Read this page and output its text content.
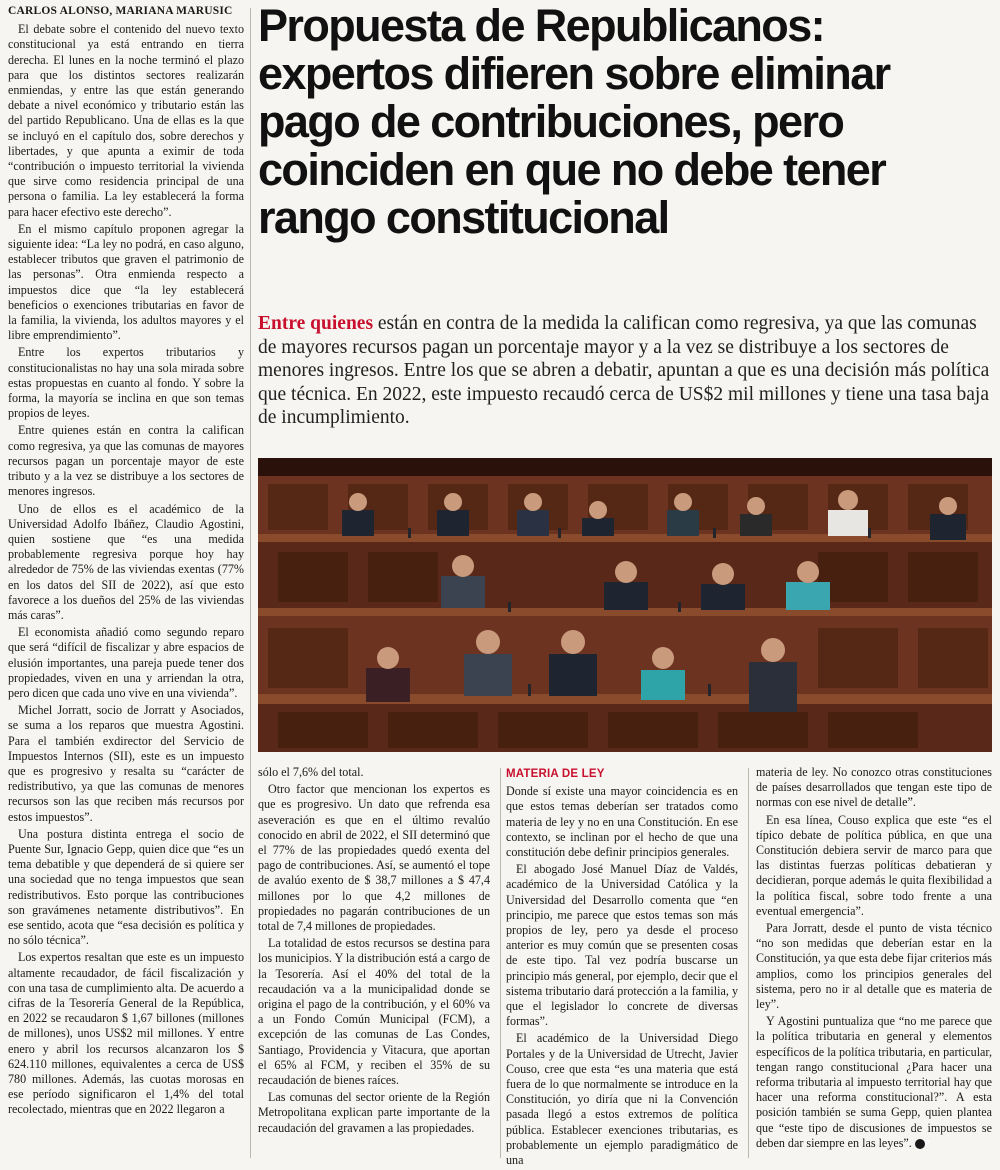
CARLOS ALONSO, MARIANA MARUSIC

El debate sobre el contenido del nuevo texto constitucional ya está entrando en tierra derecha. El lunes en la noche terminó el plazo para que los distintos sectores realizarán enmiendas, y entre las que están generando debate a nivel económico y tributario están las del partido Republicano. Una de ellas es la que se incluyó en el capítulo dos, sobre derechos y libertades, y que apunta a eximir de toda “contribución o impuesto territorial la vivienda que sirve como residencia principal de una persona o familia. La ley establecerá la forma para hacer efectivo este derecho”.

En el mismo capítulo proponen agregar la siguiente idea: “La ley no podrá, en caso alguno, establecer tributos que graven el patrimonio de las personas”. Otra enmienda respecto a impuestos dice que “la ley establecerá beneficios o exenciones tributarias en favor de la familia, la vivienda, los adultos mayores y el libre emprendimiento”.

Entre los expertos tributarios y constitucionalistas no hay una sola mirada sobre estas propuestas en cuanto al fondo. Y sobre la forma, la mayoría se inclina en que son temas propios de leyes.

Entre quienes están en contra la califican como regresiva, ya que las comunas de mayores recursos pagan un porcentaje mayor de este tributo y a la vez se distribuye a los sectores de menores ingresos.

Uno de ellos es el académico de la Universidad Adolfo Ibáñez, Claudio Agostini, quien sostiene que “es una medida probablemente regresiva porque hoy hay alrededor de 75% de las viviendas exentas (77% en los datos del SII de 2022), así que esto favorece a los dueños del 25% de las viviendas más caras”.

El economista añadió como segundo reparo que será “difícil de fiscalizar y abre espacios de elusión importantes, una pareja puede tener dos propiedades, viven en una y arriendan la otra, pero dicen que cada uno vive en una vivienda”.

Michel Jorratt, socio de Jorratt y Asociados, se suma a los reparos que muestra Agostini. Para el también exdirector del Servicio de Impuestos Internos (SII), este es un impuesto que es progresivo y resalta su “carácter de redistributivo, ya que las comunas de menores recursos son las que reciben más recursos por estos impuestos”.

Una postura distinta entrega el socio de Puente Sur, Ignacio Gepp, quien dice que “es un tema debatible y que dependerá de si quiere ser una sociedad que no tenga impuestos que sean redistributivos. Esto porque las contribuciones son gravámenes netamente distributivos”. En ese sentido, acota que “esa decisión es política y no sólo técnica”.

Los expertos resaltan que este es un impuesto altamente recaudador, de fácil fiscalización y con una tasa de cumplimiento alta. De acuerdo a cifras de la Tesorería General de la República, en 2022 se recaudaron $ 1,67 billones (millones de millones), unos US$2 mil millones. Y entre enero y abril los recursos alcanzaron los $ 624.110 millones, equivalentes a cerca de US$ 780 millones. Además, las cuotas morosas en ese período significaron el 1,4% del total recolectado, mientras que en 2022 llegaron a

Propuesta de Republicanos: expertos difieren sobre eliminar pago de contribuciones, pero coinciden en que no debe tener rango constitucional

Entre quienes están en contra de la medida la califican como regresiva, ya que las comunas de mayores recursos pagan un porcentaje mayor y a la vez se distribuye a los sectores de menores ingresos. Entre los que se abren a debatir, apuntan a que es una decisión más política que técnica. En 2022, este impuesto recaudó cerca de US$2 mil millones y tiene una tasa baja de incumplimiento.

sólo el 7,6% del total.

Otro factor que mencionan los expertos es que es progresivo. Un dato que refrenda esa aseveración es que en el último revalúo conocido en abril de 2022, el SII determinó que el 77% de las propiedades quedó exenta del pago de contribuciones. Así, se aumentó el tope de avalúo exento de $ 38,7 millones a $ 47,4 millones por lo que 4,2 millones de propiedades no pagarán contribuciones de un total de 7,4 millones de propiedades.

La totalidad de estos recursos se destina para los municipios. Y la distribución está a cargo de la Tesorería. Así el 40% del total de la recaudación va a la municipalidad donde se origina el pago de la contribución, y el 60% va a un Fondo Común Municipal (FCM), a excepción de las comunas de Las Condes, Santiago, Providencia y Vitacura, que aportan el 65% al FCM, y reciben el 35% de su recaudación de bienes raíces.

Las comunas del sector oriente de la Región Metropolitana explican parte importante de la recaudación del gravamen a las propiedades.

MATERIA DE LEY
Donde sí existe una mayor coincidencia es en que estos temas deberían ser tratados como materia de ley y no en una Constitución. En ese contexto, se inclinan por el hecho de que una constitución debe definir principios generales.

El abogado José Manuel Díaz de Valdés, académico de la Universidad Católica y la Universidad del Desarrollo comenta que “en principio, me parece que estos temas son más propios de ley, pero ya desde el proceso anterior es muy común que se presenten cosas de este tipo. Tal vez podría buscarse un principio más general, por ejemplo, decir que el sistema tributario dará protección a la familia, y que el legislador lo concrete de diversas formas”.

El académico de la Universidad Diego Portales y de la Universidad de Utrecht, Javier Couso, cree que esta “es una materia que está fuera de lo que normalmente se introduce en la Constitución, yo diría que ni la Convención pasada llegó a estos extremos de política pública. Establecer exenciones tributarias, es probablemente un ejemplo paradigmático de una

materia de ley. No conozco otras constituciones de países desarrollados que tengan este tipo de normas con ese nivel de detalle”.

En esa línea, Couso explica que este “es el típico debate de política pública, en que una Constitución debiera servir de marco para que las distintas fuerzas políticas debatieran y decidieran, porque además le quita flexibilidad a la política fiscal, sobre todo frente a una eventual emergencia”.

Para Jorratt, desde el punto de vista técnico “no son medidas que deberían estar en la Constitución, ya que esta debe fijar criterios más amplios, como los principios generales del sistema, pero no ir al detalle que es materia de ley”.

Y Agostini puntualiza que “no me parece que la política tributaria en general y elementos específicos de la política tributaria, en particular, tengan rango constitucional ¿Para hacer una reforma tributaria al impuesto territorial hay que hacer una reforma constitucional?”. A esta posición también se suma Gepp, quien plantea que “este tipo de discusiones de impuestos se deben dar siempre en las leyes”. P
